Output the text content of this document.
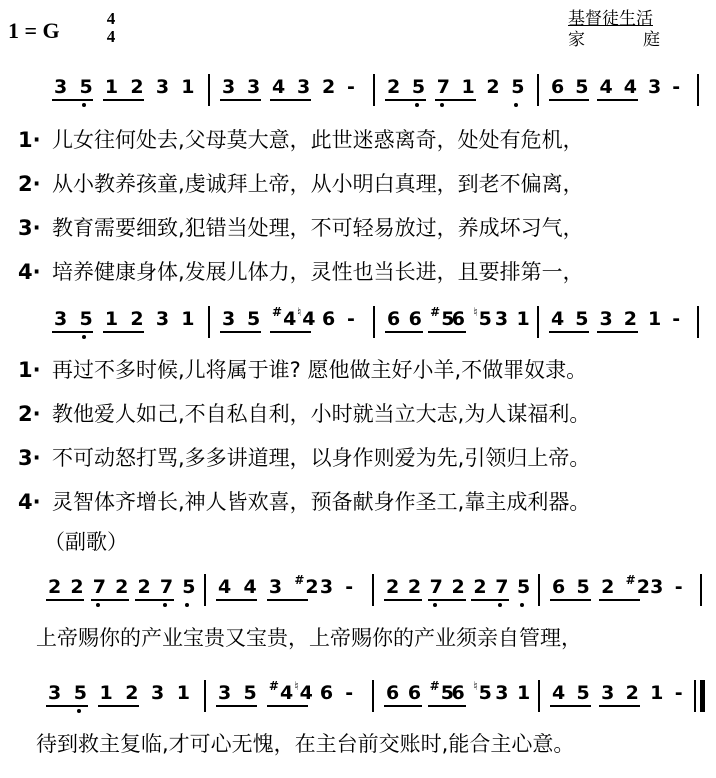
1 = G	4
4
基督徒生活
家	庭
3 5 1 2 3 1 3 3 4 3 2 - 2 5 7 1 2 5 6 5 4 4 3 -
1· 儿女往何处去,父母莫大意，此世迷惑离奇，处处有危机，
2· 从小教养孩童,虔诚拜上帝，从小明白真理，到老不偏离，
3· 教育需要细致,犯错当处理，不可轻易放过，养成坏习气，
4· 培养健康身体,发展儿体力，灵性也当长进，且要排第一，
3 5 1 2 3 1 3 5 #4 ♮4 6 - 6 6 #5
6 ♮5 3 1 4 5 3 2 1 -
1· 再过不多时候,儿将属于谁? 愿他做主好小羊,不做罪奴隶。
2· 教他爱人如己,不自私自利，小时就当立大志,为人谋福利。
3· 不可动怒打骂,多多讲道理，以身作则爱为先,引领归上帝。
4· 灵智体齐增长,神人皆欢喜，预备献身作圣工,靠主成利器。
（副歌）
2 2 7 2 2 7 5 4 4 3 #2 3 - 2 2 7 2 2 7 5 6 5 2 #2 3 -
上帝赐你的产业宝贵又宝贵，上帝赐你的产业须亲自管理，
3 5 1 2 3 1 3 5 #4 ♮4 6 - 6 6 #5
6 ♮5 3 1 4 5 3 2 1 -
待到救主复临,才可心无愧，在主台前交账时,能合主心意。
